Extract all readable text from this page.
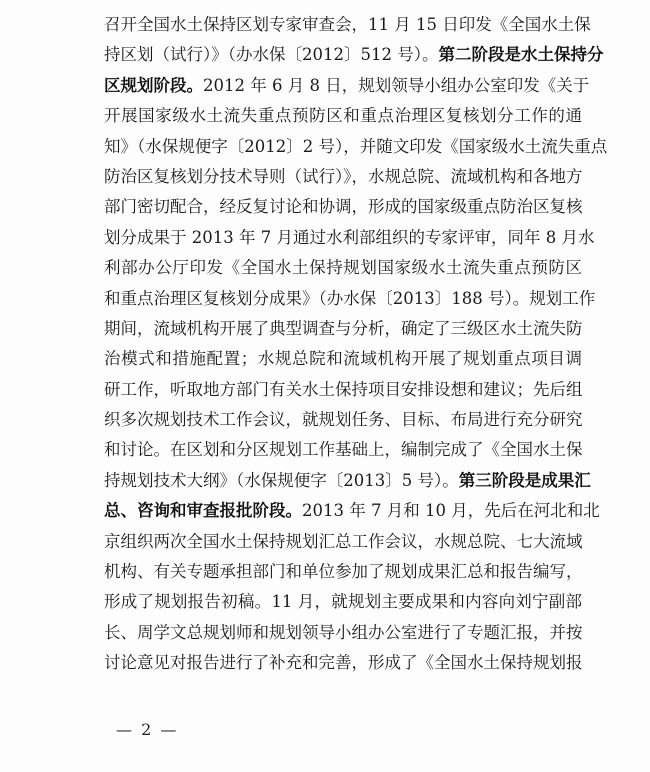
召开全国水土保持区划专家审查会，11 月 15 日印发《全国水土保
持区划（试行）》（办水保〔2012〕512 号）。第二阶段是水土保持分
区规划阶段。2012 年 6 月 8 日，规划领导小组办公室印发《关于
开展国家级水土流失重点预防区和重点治理区复核划分工作的通
知》（水保规便字〔2012〕2 号），并随文印发《国家级水土流失重点
防治区复核划分技术导则（试行）》，水规总院、流域机构和各地方
部门密切配合，经反复讨论和协调，形成的国家级重点防治区复核
划分成果于 2013 年 7 月通过水利部组织的专家评审，同年 8 月水
利部办公厅印发《全国水土保持规划国家级水土流失重点预防区
和重点治理区复核划分成果》（办水保〔2013〕188 号）。规划工作
期间，流域机构开展了典型调查与分析，确定了三级区水土流失防
治模式和措施配置；水规总院和流域机构开展了规划重点项目调
研工作，听取地方部门有关水土保持项目安排设想和建议；先后组
织多次规划技术工作会议，就规划任务、目标、布局进行充分研究
和讨论。在区划和分区规划工作基础上，编制完成了《全国水土保
持规划技术大纲》（水保规便字〔2013〕5 号）。第三阶段是成果汇
总、咨询和审查报批阶段。2013 年 7 月和 10 月，先后在河北和北
京组织两次全国水土保持规划汇总工作会议，水规总院、七大流域
机构、有关专题承担部门和单位参加了规划成果汇总和报告编写，
形成了规划报告初稿。11 月，就规划主要成果和内容向刘宁副部
长、周学文总规划师和规划领导小组办公室进行了专题汇报，并按
讨论意见对报告进行了补充和完善，形成了《全国水土保持规划报
— 2 —
